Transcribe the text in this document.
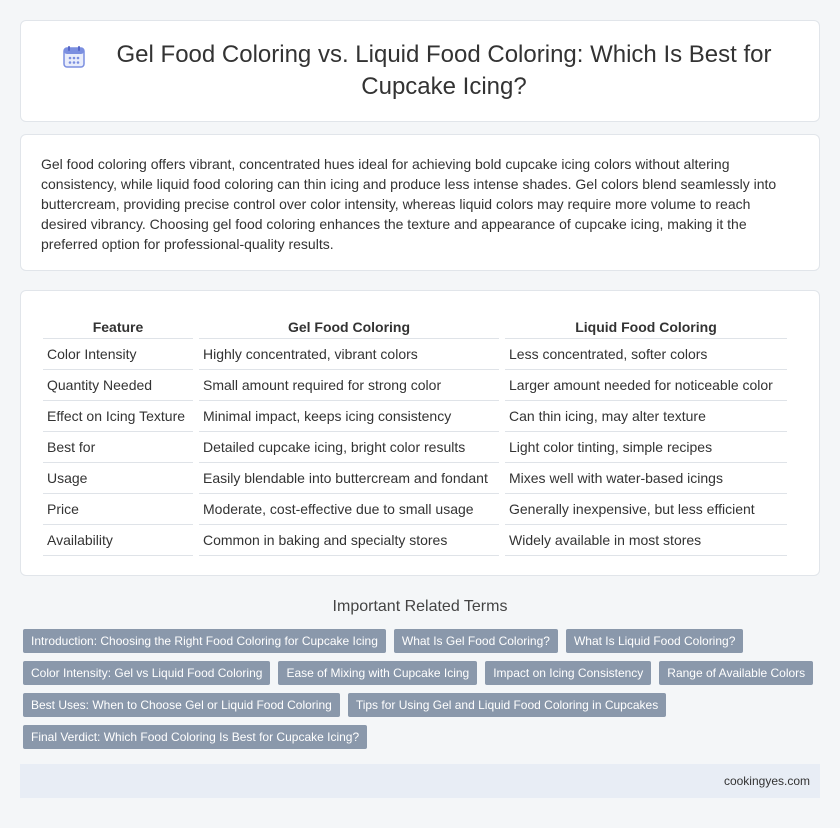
Gel Food Coloring vs. Liquid Food Coloring: Which Is Best for Cupcake Icing?

Gel food coloring offers vibrant, concentrated hues ideal for achieving bold cupcake icing colors without altering consistency, while liquid food coloring can thin icing and produce less intense shades. Gel colors blend seamlessly into buttercream, providing precise control over color intensity, whereas liquid colors may require more volume to reach desired vibrancy. Choosing gel food coloring enhances the texture and appearance of cupcake icing, making it the preferred option for professional-quality results.

Feature	Gel Food Coloring	Liquid Food Coloring
Color Intensity	Highly concentrated, vibrant colors	Less concentrated, softer colors
Quantity Needed	Small amount required for strong color	Larger amount needed for noticeable color
Effect on Icing Texture	Minimal impact, keeps icing consistency	Can thin icing, may alter texture
Best for	Detailed cupcake icing, bright color results	Light color tinting, simple recipes
Usage	Easily blendable into buttercream and fondant	Mixes well with water-based icings
Price	Moderate, cost-effective due to small usage	Generally inexpensive, but less efficient
Availability	Common in baking and specialty stores	Widely available in most stores
Important Related Terms
Introduction: Choosing the Right Food Coloring for Cupcake Icing	What Is Gel Food Coloring?	What Is Liquid Food Coloring?
Color Intensity: Gel vs Liquid Food Coloring	Ease of Mixing with Cupcake Icing	Impact on Icing Consistency	Range of Available Colors
Best Uses: When to Choose Gel or Liquid Food Coloring	Tips for Using Gel and Liquid Food Coloring in Cupcakes
Final Verdict: Which Food Coloring Is Best for Cupcake Icing?
cookingyes.com
